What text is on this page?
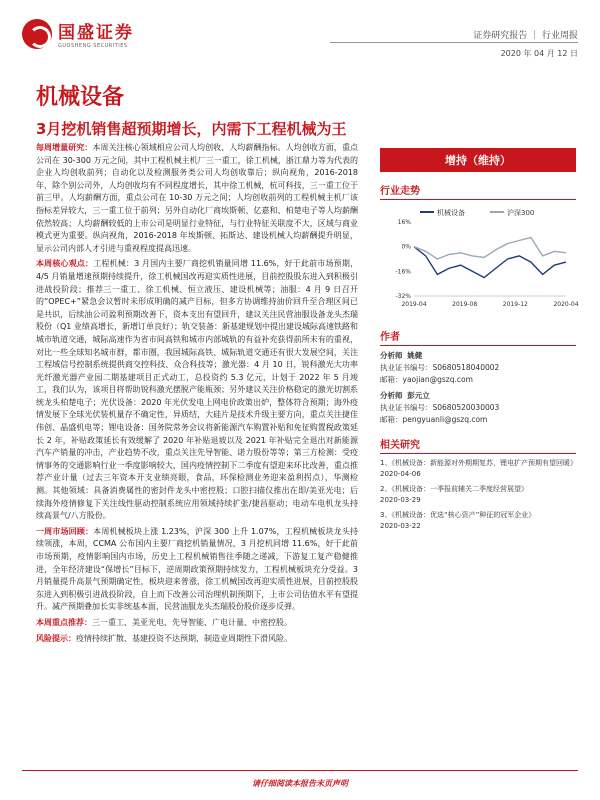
国盛证券
GUOSHENG SECURITIES
证券研究报告 ｜ 行业周报
2020 年 04 月 12 日
机械设备
3月挖机销售超预期增长，内需下工程机械为王

每周增量研究：本周关注核心领域相应公司人均创收、人均薪酬指标。人均创收方面，重点公司在 30-300 万元之间，其中工程机械主机厂三一重工，徐工机械，浙江鼎力等为代表的企业人均创收前列；自动化以及检测服务类公司人均创收靠后；纵向视角，2016-2018 年，除个别公司外，人均创收均有不同程度增长，其中徐工机械，杭可科技，三一重工位于前三甲。人均薪酬方面，重点公司在 10-30 万元之间；人均创收前列的工程机械主机厂该指标差异较大，三一重工位于前列；另外自动化厂商埃斯顿、亿嘉和、柏楚电子等人均薪酬依然较高；人均薪酬较低的上市公司是明显行业特征，与行业特征关联度不大，区域与商业模式更为重要。纵向视角，2016-2018 年埃斯顿、拓斯达、建设机械人均薪酬提升明显，显示公司内部人才引进与重视程度提高迅速。

本周核心观点：工程机械：3 月国内主要厂商挖机销量同增 11.6%，好于此前市场预期，4/5 月销量增速预期持续提升，徐工机械国改再迎实质性进展，目前控股股东进入到积极引进战投阶段；推荐三一重工、徐工机械、恒立液压、建设机械等；油服：4 月 9 日召开的“OPEC+”紧急会议暂时未形成明确的减产目标，但多方协调维持油价回升至合理区间已是共识，后续油公司盈利预期改善下，资本支出有望回升，建议关注民营油服设备龙头杰瑞股份（Q1 业绩高增长，新增订单良好）；轨交装备：新基建规划中提出建设城际高速铁路和城市轨道交通，城际高速作为省市间高铁和城市内部城轨的有益补充获得前所未有的重视，对比一些全球知名城市群，都市圈，我国城际高铁、城际轨道交通还有很大发展空间，关注工程域信号控制系统提供商交控科技、众合科技等；激光器：4 月 10 日，锐科激光大功率光纤激光器产业园二期基建项目正式动工，总投资约 5.3 亿元，计划于 2022 年 5 月竣工，我们认为，该项目将帮助锐科激光摆脱产能瓶颈；另外建议关注价格稳定的激光切割系统龙头柏楚电子；光伏设备：2020 年光伏发电上网电价政策出炉，整体符合预期；海外疫情发展下全球光伏装机量存不确定性，异质结，大硅片是技术升级主要方向，重点关注捷佳伟创、晶盛机电等；锂电设备：国务院常务会议将新能源汽车购置补贴和免征购置税政策延长 2 年，补贴政策延长有效缓解了 2020 年补贴退坡以及 2021 年补贴完全退出对新能源汽车产销量的冲击，产业趋势不改，重点关注先导智能、诺力股份等等；第三方检测：受疫情事务的交通影响行业一季度影响较大，国内疫情控制下二季度有望迎来环比改善，重点推荐产业计量（过去三年资本开支业绩亮眼，食品，环保检测业务迎来盈利拐点），华测检测。其他领域：具备消费属性的密封件龙头中密控股；口腔扫描仪推出在即/美亚光电；后续海外疫情修复下关注线性驱动控制系统应用领域持续扩张/捷昌驱动；电动车电机龙头持续高景气/八方股份。

一周市场回顾：本周机械板块上涨 1.23%，沪深 300 上升 1.07%，工程机械板块龙头持续领涨，本周，CCMA 公布国内主要厂商挖机销量情况，3 月挖机同增 11.6%，好于此前市场预期，疫情影响国内市场，历史上工程机械销售往季随之递减，下游复工复产稳健推进，全年经济建设“保增长”目标下，逆周期政策预期持续发力，工程机械板块充分受益。3 月销量提升高景气预期确定性，板块迎来普涨，徐工机械国改再迎实质性进展，目前控股股东进入到积极引进战投阶段，自上而下改善公司治理机制预期下，上市公司估值水平有望提升。减产预期叠加长实非统基本面，民营油服龙头杰瑞股份股价逐步反弹。

本周重点推荐：三一重工、美亚光电、先导智能、广电计量、中密控股。

风险提示：疫情持续扩散、基建投资不达预期，制造业周期性下滑风险。

增持（维持）
行业走势
机械设备	沪深300
16%
0%
-16%
-32%
2019-04	2019-08	2019-12	2020-04
作者
分析师 姚健
执业证书编号：S0680518040002
邮箱：yaojian@gszq.com
分析师 彭元立
执业证书编号：S0680520030003
邮箱：pengyuanli@gszq.com
相关研究
1、《机械设备：新能源对外期期复苏，锂电扩产预期有望回暖》
2020-04-06
2、《机械设备：一季报前辅关二季度经营展望》
2020-03-29
3、《机械设备：优选“核心资产”种征的冠军企业》
2020-03-22
请仔细阅读本报告末页声明
